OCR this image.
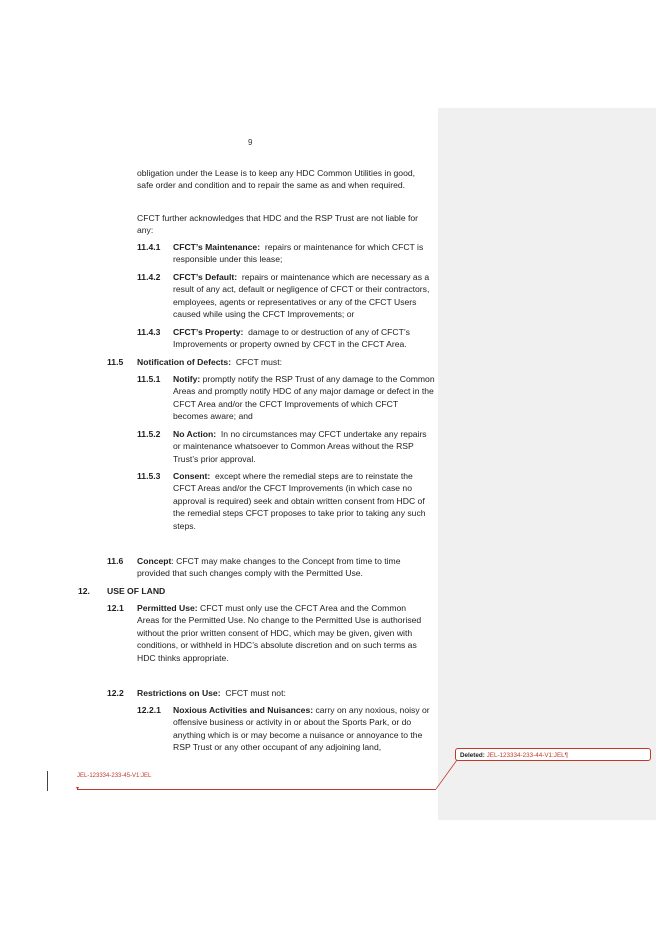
9
obligation under the Lease is to keep any HDC Common Utilities in good, safe order and condition and to repair the same as and when required.
CFCT further acknowledges that HDC and the RSP Trust are not liable for any:
11.4.1 CFCT’s Maintenance: repairs or maintenance for which CFCT is responsible under this lease;
11.4.2 CFCT’s Default: repairs or maintenance which are necessary as a result of any act, default or negligence of CFCT or their contractors, employees, agents or representatives or any of the CFCT Users caused while using the CFCT Improvements; or
11.4.3 CFCT’s Property: damage to or destruction of any of CFCT’s Improvements or property owned by CFCT in the CFCT Area.
11.5 Notification of Defects: CFCT must:
11.5.1 Notify: promptly notify the RSP Trust of any damage to the Common Areas and promptly notify HDC of any major damage or defect in the CFCT Area and/or the CFCT Improvements of which CFCT becomes aware; and
11.5.2 No Action: In no circumstances may CFCT undertake any repairs or maintenance whatsoever to Common Areas without the RSP Trust’s prior approval.
11.5.3 Consent: except where the remedial steps are to reinstate the CFCT Areas and/or the CFCT Improvements (in which case no approval is required) seek and obtain written consent from HDC of the remedial steps CFCT proposes to take prior to taking any such steps.
11.6 Concept: CFCT may make changes to the Concept from time to time provided that such changes comply with the Permitted Use.
12. USE OF LAND
12.1 Permitted Use: CFCT must only use the CFCT Area and the Common Areas for the Permitted Use. No change to the Permitted Use is authorised without the prior written consent of HDC, which may be given, given with conditions, or withheld in HDC’s absolute discretion and on such terms as HDC thinks appropriate.
12.2 Restrictions on Use: CFCT must not:
12.2.1 Noxious Activities and Nuisances: carry on any noxious, noisy or offensive business or activity in or about the Sports Park, or do anything which is or may become a nuisance or annoyance to the RSP Trust or any other occupant of any adjoining land,
JEL-123334-233-45-V1:JEL
▾
Deleted: JEL-123334-233-44-V1:JEL¶
